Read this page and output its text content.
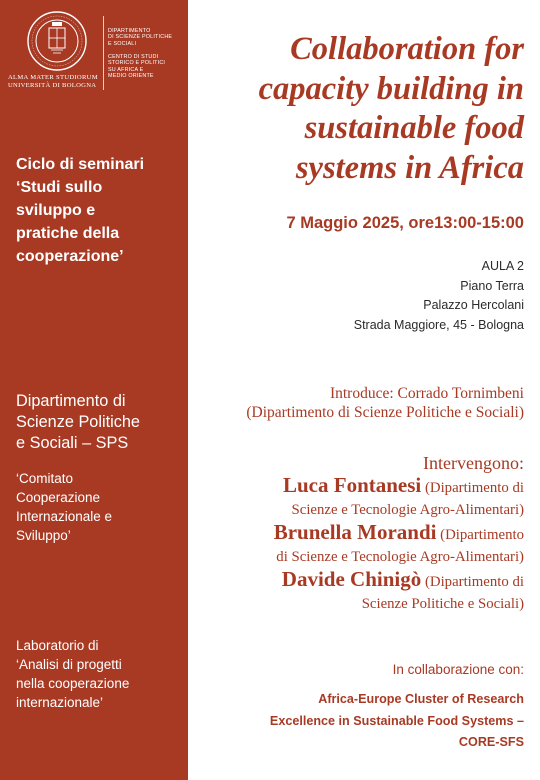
ALMA MATER STUDIORUM
UNIVERSITÀ DI BOLOGNA
DIPARTIMENTO
DI SCIENZE POLITICHE
E SOCIALI
CENTRO DI STUDI
STORICO E POLITICI
SU AFRICA E
MEDIO ORIENTE
Ciclo di seminari
‘Studi sullo
sviluppo e
pratiche della
cooperazione’
Dipartimento di
Scienze Politiche
e Sociali – SPS
‘Comitato
Cooperazione
Internazionale e
Sviluppo’
Laboratorio di
‘Analisi di progetti
nella cooperazione
internazionale’
Collaboration for
capacity building in
sustainable food
systems in Africa
7 Maggio 2025, ore13:00-15:00
AULA 2
Piano Terra
Palazzo Hercolani
Strada Maggiore, 45 - Bologna
Introduce: Corrado Tornimbeni
(Dipartimento di Scienze Politiche e Sociali)
Intervengono:
Luca Fontanesi (Dipartimento di
Scienze e Tecnologie Agro-Alimentari)
Brunella Morandi (Dipartimento
di Scienze e Tecnologie Agro-Alimentari)
Davide Chinigò (Dipartimento di
Scienze Politiche e Sociali)
In collaborazione con:
Africa-Europe Cluster of Research
Excellence in Sustainable Food Systems –
CORE-SFS
